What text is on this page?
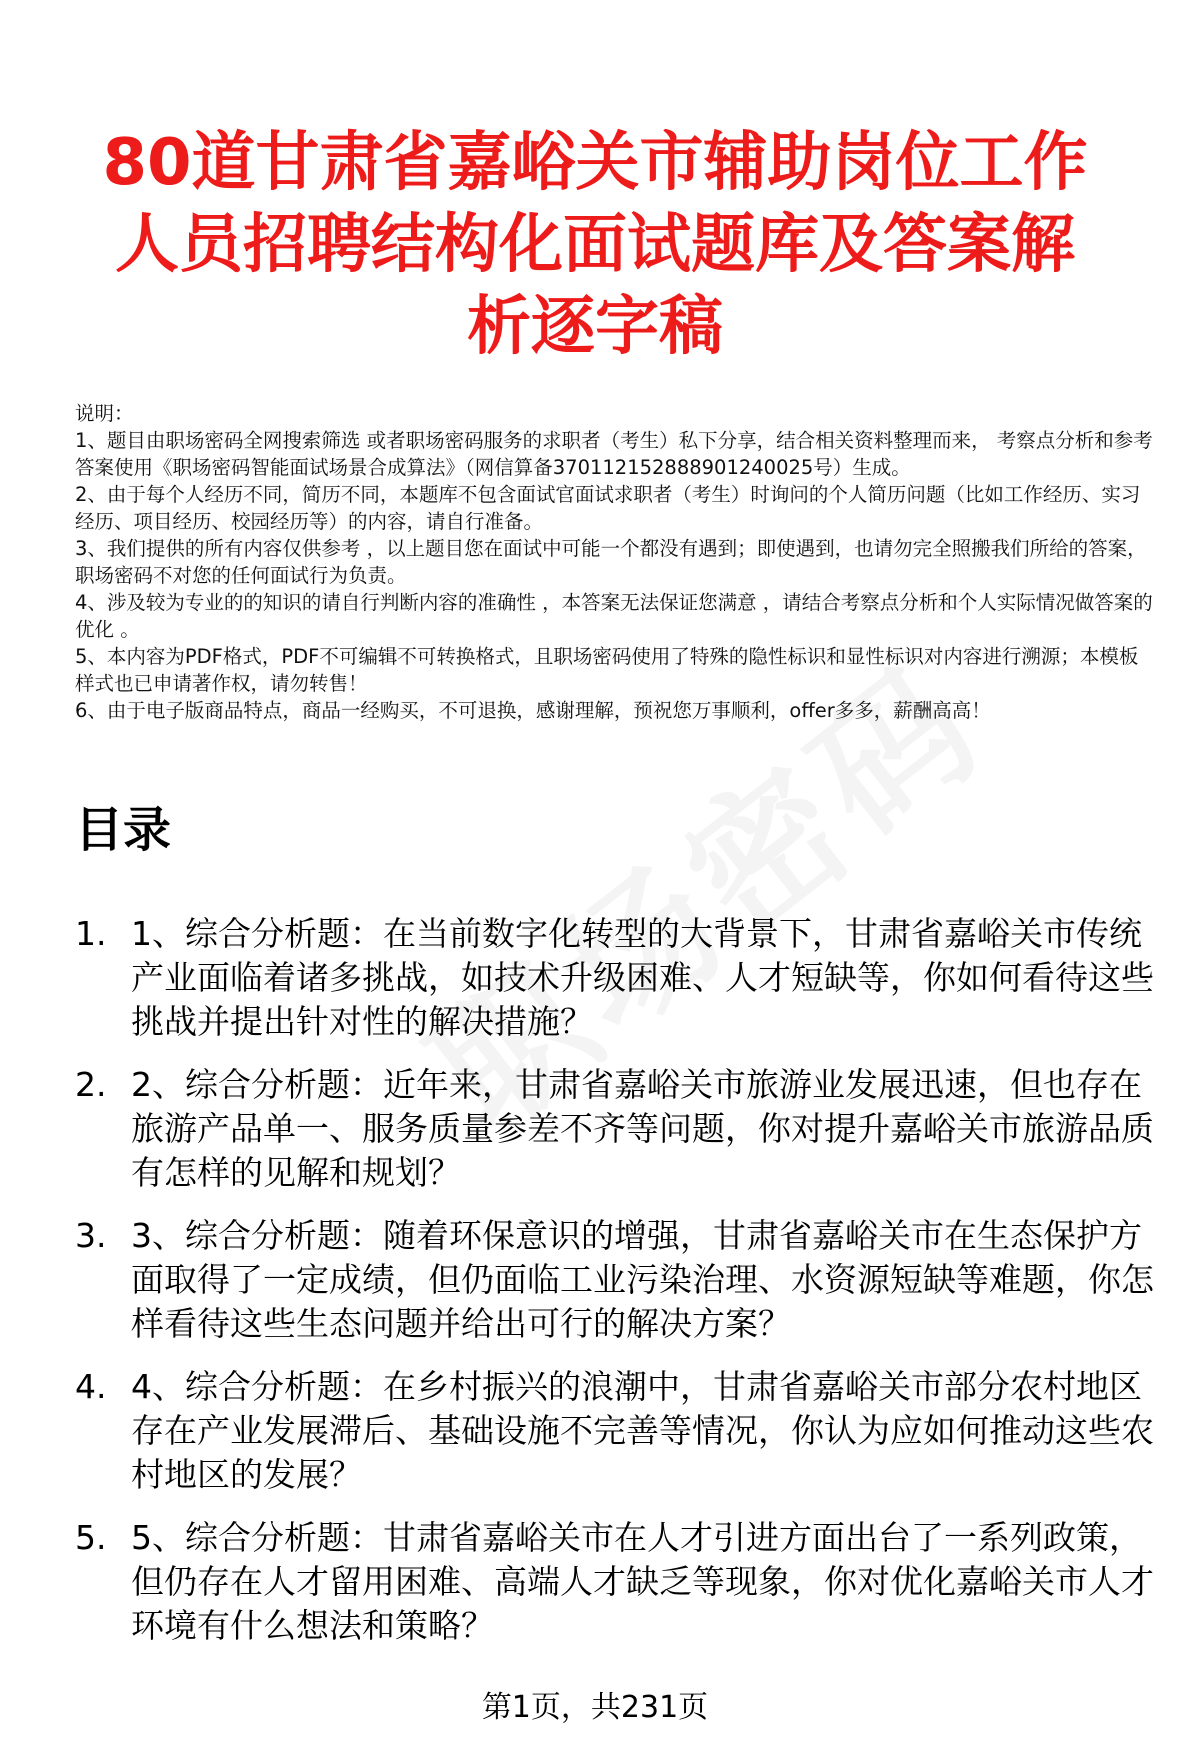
80道甘肃省嘉峪关市辅助岗位工作人员招聘结构化面试题库及答案解析逐字稿

说明：

1、题目由职场密码全网搜索筛选 或者职场密码服务的求职者（考生）私下分享，结合相关资料整理而来， 考察点分析和参考答案使用《职场密码智能面试场景合成算法》（网信算备370112152888901240025号）生成。

2、由于每个人经历不同，简历不同，本题库不包含面试官面试求职者（考生）时询问的个人简历问题（比如工作经历、实习经历、项目经历、校园经历等）的内容，请自行准备。

3、我们提供的所有内容仅供参考 ，以上题目您在面试中可能一个都没有遇到；即使遇到，也请勿完全照搬我们所给的答案，职场密码不对您的任何面试行为负责。

4、涉及较为专业的的知识的请自行判断内容的准确性 ，本答案无法保证您满意 ，请结合考察点分析和个人实际情况做答案的优化 。

5、本内容为PDF格式，PDF不可编辑不可转换格式，且职场密码使用了特殊的隐性标识和显性标识对内容进行溯源；本模板样式也已申请著作权，请勿转售！

6、由于电子版商品特点，商品一经购买，不可退换，感谢理解，预祝您万事顺利，offer多多，薪酬高高！

目录
1. 1、综合分析题：在当前数字化转型的大背景下，甘肃省嘉峪关市传统产业面临着诸多挑战，如技术升级困难、人才短缺等，你如何看待这些挑战并提出针对性的解决措施？
2. 2、综合分析题：近年来，甘肃省嘉峪关市旅游业发展迅速，但也存在旅游产品单一、服务质量参差不齐等问题，你对提升嘉峪关市旅游品质有怎样的见解和规划？
3. 3、综合分析题：随着环保意识的增强，甘肃省嘉峪关市在生态保护方面取得了一定成绩，但仍面临工业污染治理、水资源短缺等难题，你怎样看待这些生态问题并给出可行的解决方案？
4. 4、综合分析题：在乡村振兴的浪潮中，甘肃省嘉峪关市部分农村地区存在产业发展滞后、基础设施不完善等情况，你认为应如何推动这些农村地区的发展？
5. 5、综合分析题：甘肃省嘉峪关市在人才引进方面出台了一系列政策，但仍存在人才留用困难、高端人才缺乏等现象，你对优化嘉峪关市人才环境有什么想法和策略？
第1页，共231页
